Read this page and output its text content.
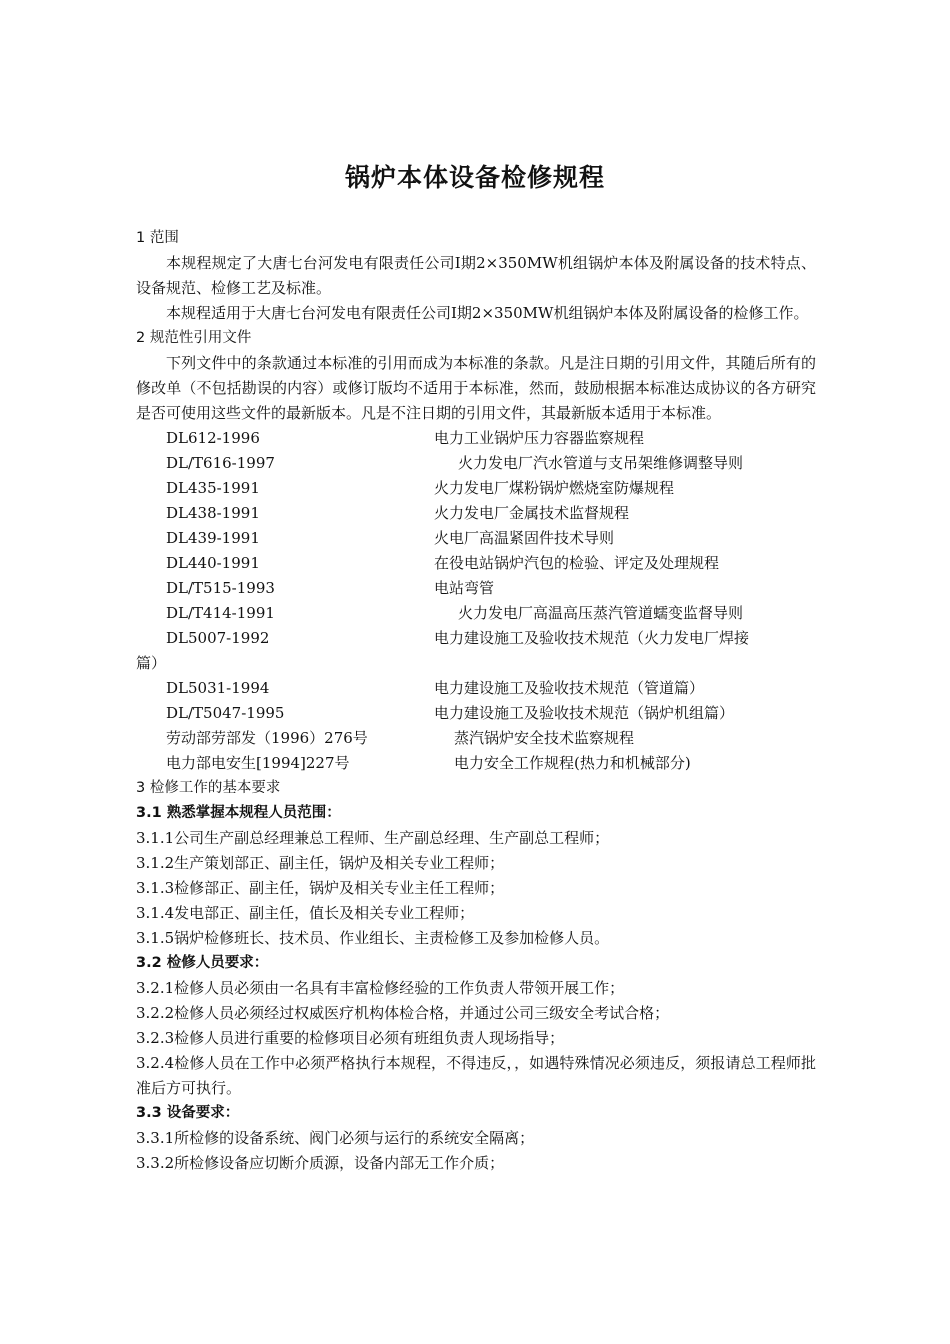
锅炉本体设备检修规程
1 范围
本规程规定了大唐七台河发电有限责任公司Ⅰ期2×350MW机组锅炉本体及附属设备的技术特点、设备规范、检修工艺及标准。
本规程适用于大唐七台河发电有限责任公司Ⅰ期2×350MW机组锅炉本体及附属设备的检修工作。
2 规范性引用文件
下列文件中的条款通过本标准的引用而成为本标准的条款。凡是注日期的引用文件，其随后所有的修改单（不包括勘误的内容）或修订版均不适用于本标准，然而，鼓励根据本标准达成协议的各方研究是否可使用这些文件的最新版本。凡是不注日期的引用文件，其最新版本适用于本标准。
DL612-1996	电力工业锅炉压力容器监察规程
DL/T616-1997	火力发电厂汽水管道与支吊架维修调整导则
DL435-1991	火力发电厂煤粉锅炉燃烧室防爆规程
DL438-1991	火力发电厂金属技术监督规程
DL439-1991	火电厂高温紧固件技术导则
DL440-1991	在役电站锅炉汽包的检验、评定及处理规程
DL/T515-1993	电站弯管
DL/T414-1991	火力发电厂高温高压蒸汽管道蠕变监督导则
DL5007-1992	电力建设施工及验收技术规范（火力发电厂焊接
篇）
DL5031-1994	电力建设施工及验收技术规范（管道篇）
DL/T5047-1995	电力建设施工及验收技术规范（锅炉机组篇）
劳动部劳部发（1996）276号	蒸汽锅炉安全技术监察规程
电力部电安生[1994]227号	电力安全工作规程(热力和机械部分)
3 检修工作的基本要求
3.1 熟悉掌握本规程人员范围：
3.1.1公司生产副总经理兼总工程师、生产副总经理、生产副总工程师；
3.1.2生产策划部正、副主任，锅炉及相关专业工程师；
3.1.3检修部正、副主任，锅炉及相关专业主任工程师；
3.1.4发电部正、副主任，值长及相关专业工程师；
3.1.5锅炉检修班长、技术员、作业组长、主责检修工及参加检修人员。
3.2 检修人员要求：
3.2.1检修人员必须由一名具有丰富检修经验的工作负责人带领开展工作；
3.2.2检修人员必须经过权威医疗机构体检合格，并通过公司三级安全考试合格；
3.2.3检修人员进行重要的检修项目必须有班组负责人现场指导；
3.2.4检修人员在工作中必须严格执行本规程，不得违反，，如遇特殊情况必须违反，须报请总工程师批准后方可执行。
3.3 设备要求：
3.3.1所检修的设备系统、阀门必须与运行的系统安全隔离；
3.3.2所检修设备应切断介质源，设备内部无工作介质；
